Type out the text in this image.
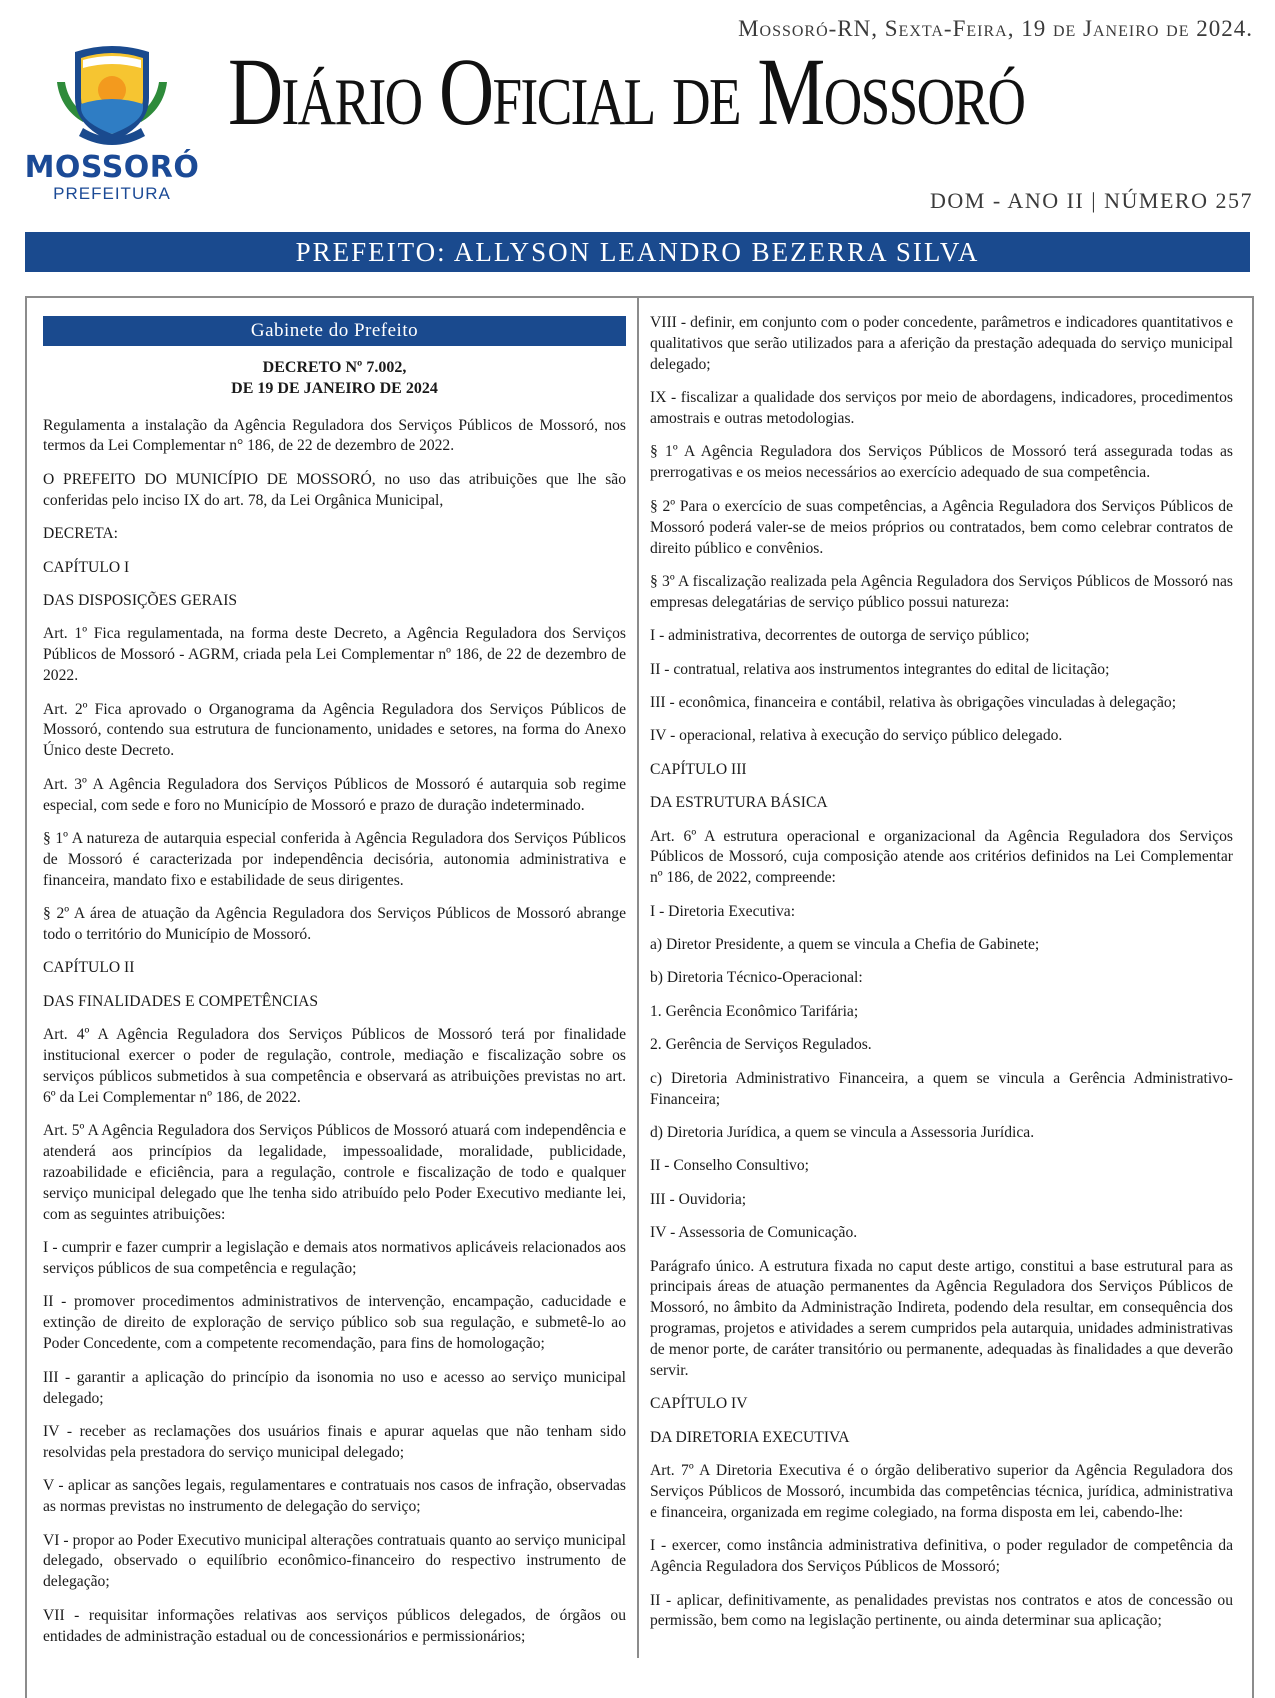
MOSSORÓ
PREFEITURA
Mossoró-RN, Sexta-Feira, 19 de Janeiro de 2024.
Diário Oficial de Mossoró
DOM - ANO II | NÚMERO 257
PREFEITO: ALLYSON LEANDRO BEZERRA SILVA
Gabinete do Prefeito
DECRETO Nº 7.002,
DE 19 DE JANEIRO DE 2024

Regulamenta a instalação da Agência Reguladora dos Serviços Públicos de Mossoró, nos termos da Lei Complementar n° 186, de 22 de dezembro de 2022.

O PREFEITO DO MUNICÍPIO DE MOSSORÓ, no uso das atribuições que lhe são conferidas pelo inciso IX do art. 78, da Lei Orgânica Municipal,

DECRETA:

CAPÍTULO I

DAS DISPOSIÇÕES GERAIS

Art. 1º Fica regulamentada, na forma deste Decreto, a Agência Reguladora dos Serviços Públicos de Mossoró - AGRM, criada pela Lei Complementar nº 186, de 22 de dezembro de 2022.

Art. 2º Fica aprovado o Organograma da Agência Reguladora dos Serviços Públicos de Mossoró, contendo sua estrutura de funcionamento, unidades e setores, na forma do Anexo Único deste Decreto.

Art. 3º A Agência Reguladora dos Serviços Públicos de Mossoró é autarquia sob regime especial, com sede e foro no Município de Mossoró e prazo de duração indeterminado.

§ 1º A natureza de autarquia especial conferida à Agência Reguladora dos Serviços Públicos de Mossoró é caracterizada por independência decisória, autonomia administrativa e financeira, mandato fixo e estabilidade de seus dirigentes.

§ 2º A área de atuação da Agência Reguladora dos Serviços Públicos de Mossoró abrange todo o território do Município de Mossoró.

CAPÍTULO II

DAS FINALIDADES E COMPETÊNCIAS

Art. 4º A Agência Reguladora dos Serviços Públicos de Mossoró terá por finalidade institucional exercer o poder de regulação, controle, mediação e fiscalização sobre os serviços públicos submetidos à sua competência e observará as atribuições previstas no art. 6º da Lei Complementar nº 186, de 2022.

Art. 5º A Agência Reguladora dos Serviços Públicos de Mossoró atuará com independência e atenderá aos princípios da legalidade, impessoalidade, moralidade, publicidade, razoabilidade e eficiência, para a regulação, controle e fiscalização de todo e qualquer serviço municipal delegado que lhe tenha sido atribuído pelo Poder Executivo mediante lei, com as seguintes atribuições:

I - cumprir e fazer cumprir a legislação e demais atos normativos aplicáveis relacionados aos serviços públicos de sua competência e regulação;

II - promover procedimentos administrativos de intervenção, encampação, caducidade e extinção de direito de exploração de serviço público sob sua regulação, e submetê-lo ao Poder Concedente, com a competente recomendação, para fins de homologação;

III - garantir a aplicação do princípio da isonomia no uso e acesso ao serviço municipal delegado;

IV - receber as reclamações dos usuários finais e apurar aquelas que não tenham sido resolvidas pela prestadora do serviço municipal delegado;

V - aplicar as sanções legais, regulamentares e contratuais nos casos de infração, observadas as normas previstas no instrumento de delegação do serviço;

VI - propor ao Poder Executivo municipal alterações contratuais quanto ao serviço municipal delegado, observado o equilíbrio econômico-financeiro do respectivo instrumento de delegação;

VII - requisitar informações relativas aos serviços públicos delegados, de órgãos ou entidades de administração estadual ou de concessionários e permissionários;

VIII - definir, em conjunto com o poder concedente, parâmetros e indicadores quantitativos e qualitativos que serão utilizados para a aferição da prestação adequada do serviço municipal delegado;

IX - fiscalizar a qualidade dos serviços por meio de abordagens, indicadores, procedimentos amostrais e outras metodologias.

§ 1º A Agência Reguladora dos Serviços Públicos de Mossoró terá assegurada todas as prerrogativas e os meios necessários ao exercício adequado de sua competência.

§ 2º Para o exercício de suas competências, a Agência Reguladora dos Serviços Públicos de Mossoró poderá valer-se de meios próprios ou contratados, bem como celebrar contratos de direito público e convênios.

§ 3º A fiscalização realizada pela Agência Reguladora dos Serviços Públicos de Mossoró nas empresas delegatárias de serviço público possui natureza:

I - administrativa, decorrentes de outorga de serviço público;

II - contratual, relativa aos instrumentos integrantes do edital de licitação;

III - econômica, financeira e contábil, relativa às obrigações vinculadas à delegação;

IV - operacional, relativa à execução do serviço público delegado.

CAPÍTULO III

DA ESTRUTURA BÁSICA

Art. 6º A estrutura operacional e organizacional da Agência Reguladora dos Serviços Públicos de Mossoró, cuja composição atende aos critérios definidos na Lei Complementar nº 186, de 2022, compreende:

I - Diretoria Executiva:

a) Diretor Presidente, a quem se vincula a Chefia de Gabinete;

b) Diretoria Técnico-Operacional:

1. Gerência Econômico Tarifária;

2. Gerência de Serviços Regulados.

c) Diretoria Administrativo Financeira, a quem se vincula a Gerência Administrativo-Financeira;

d) Diretoria Jurídica, a quem se vincula a Assessoria Jurídica.

II - Conselho Consultivo;

III - Ouvidoria;

IV - Assessoria de Comunicação.

Parágrafo único. A estrutura fixada no caput deste artigo, constitui a base estrutural para as principais áreas de atuação permanentes da Agência Reguladora dos Serviços Públicos de Mossoró, no âmbito da Administração Indireta, podendo dela resultar, em consequência dos programas, projetos e atividades a serem cumpridos pela autarquia, unidades administrativas de menor porte, de caráter transitório ou permanente, adequadas às finalidades a que deverão servir.

CAPÍTULO IV

DA DIRETORIA EXECUTIVA

Art. 7º A Diretoria Executiva é o órgão deliberativo superior da Agência Reguladora dos Serviços Públicos de Mossoró, incumbida das competências técnica, jurídica, administrativa e financeira, organizada em regime colegiado, na forma disposta em lei, cabendo-lhe:

I - exercer, como instância administrativa definitiva, o poder regulador de competência da Agência Reguladora dos Serviços Públicos de Mossoró;

II - aplicar, definitivamente, as penalidades previstas nos contratos e atos de concessão ou permissão, bem como na legislação pertinente, ou ainda determinar sua aplicação;
